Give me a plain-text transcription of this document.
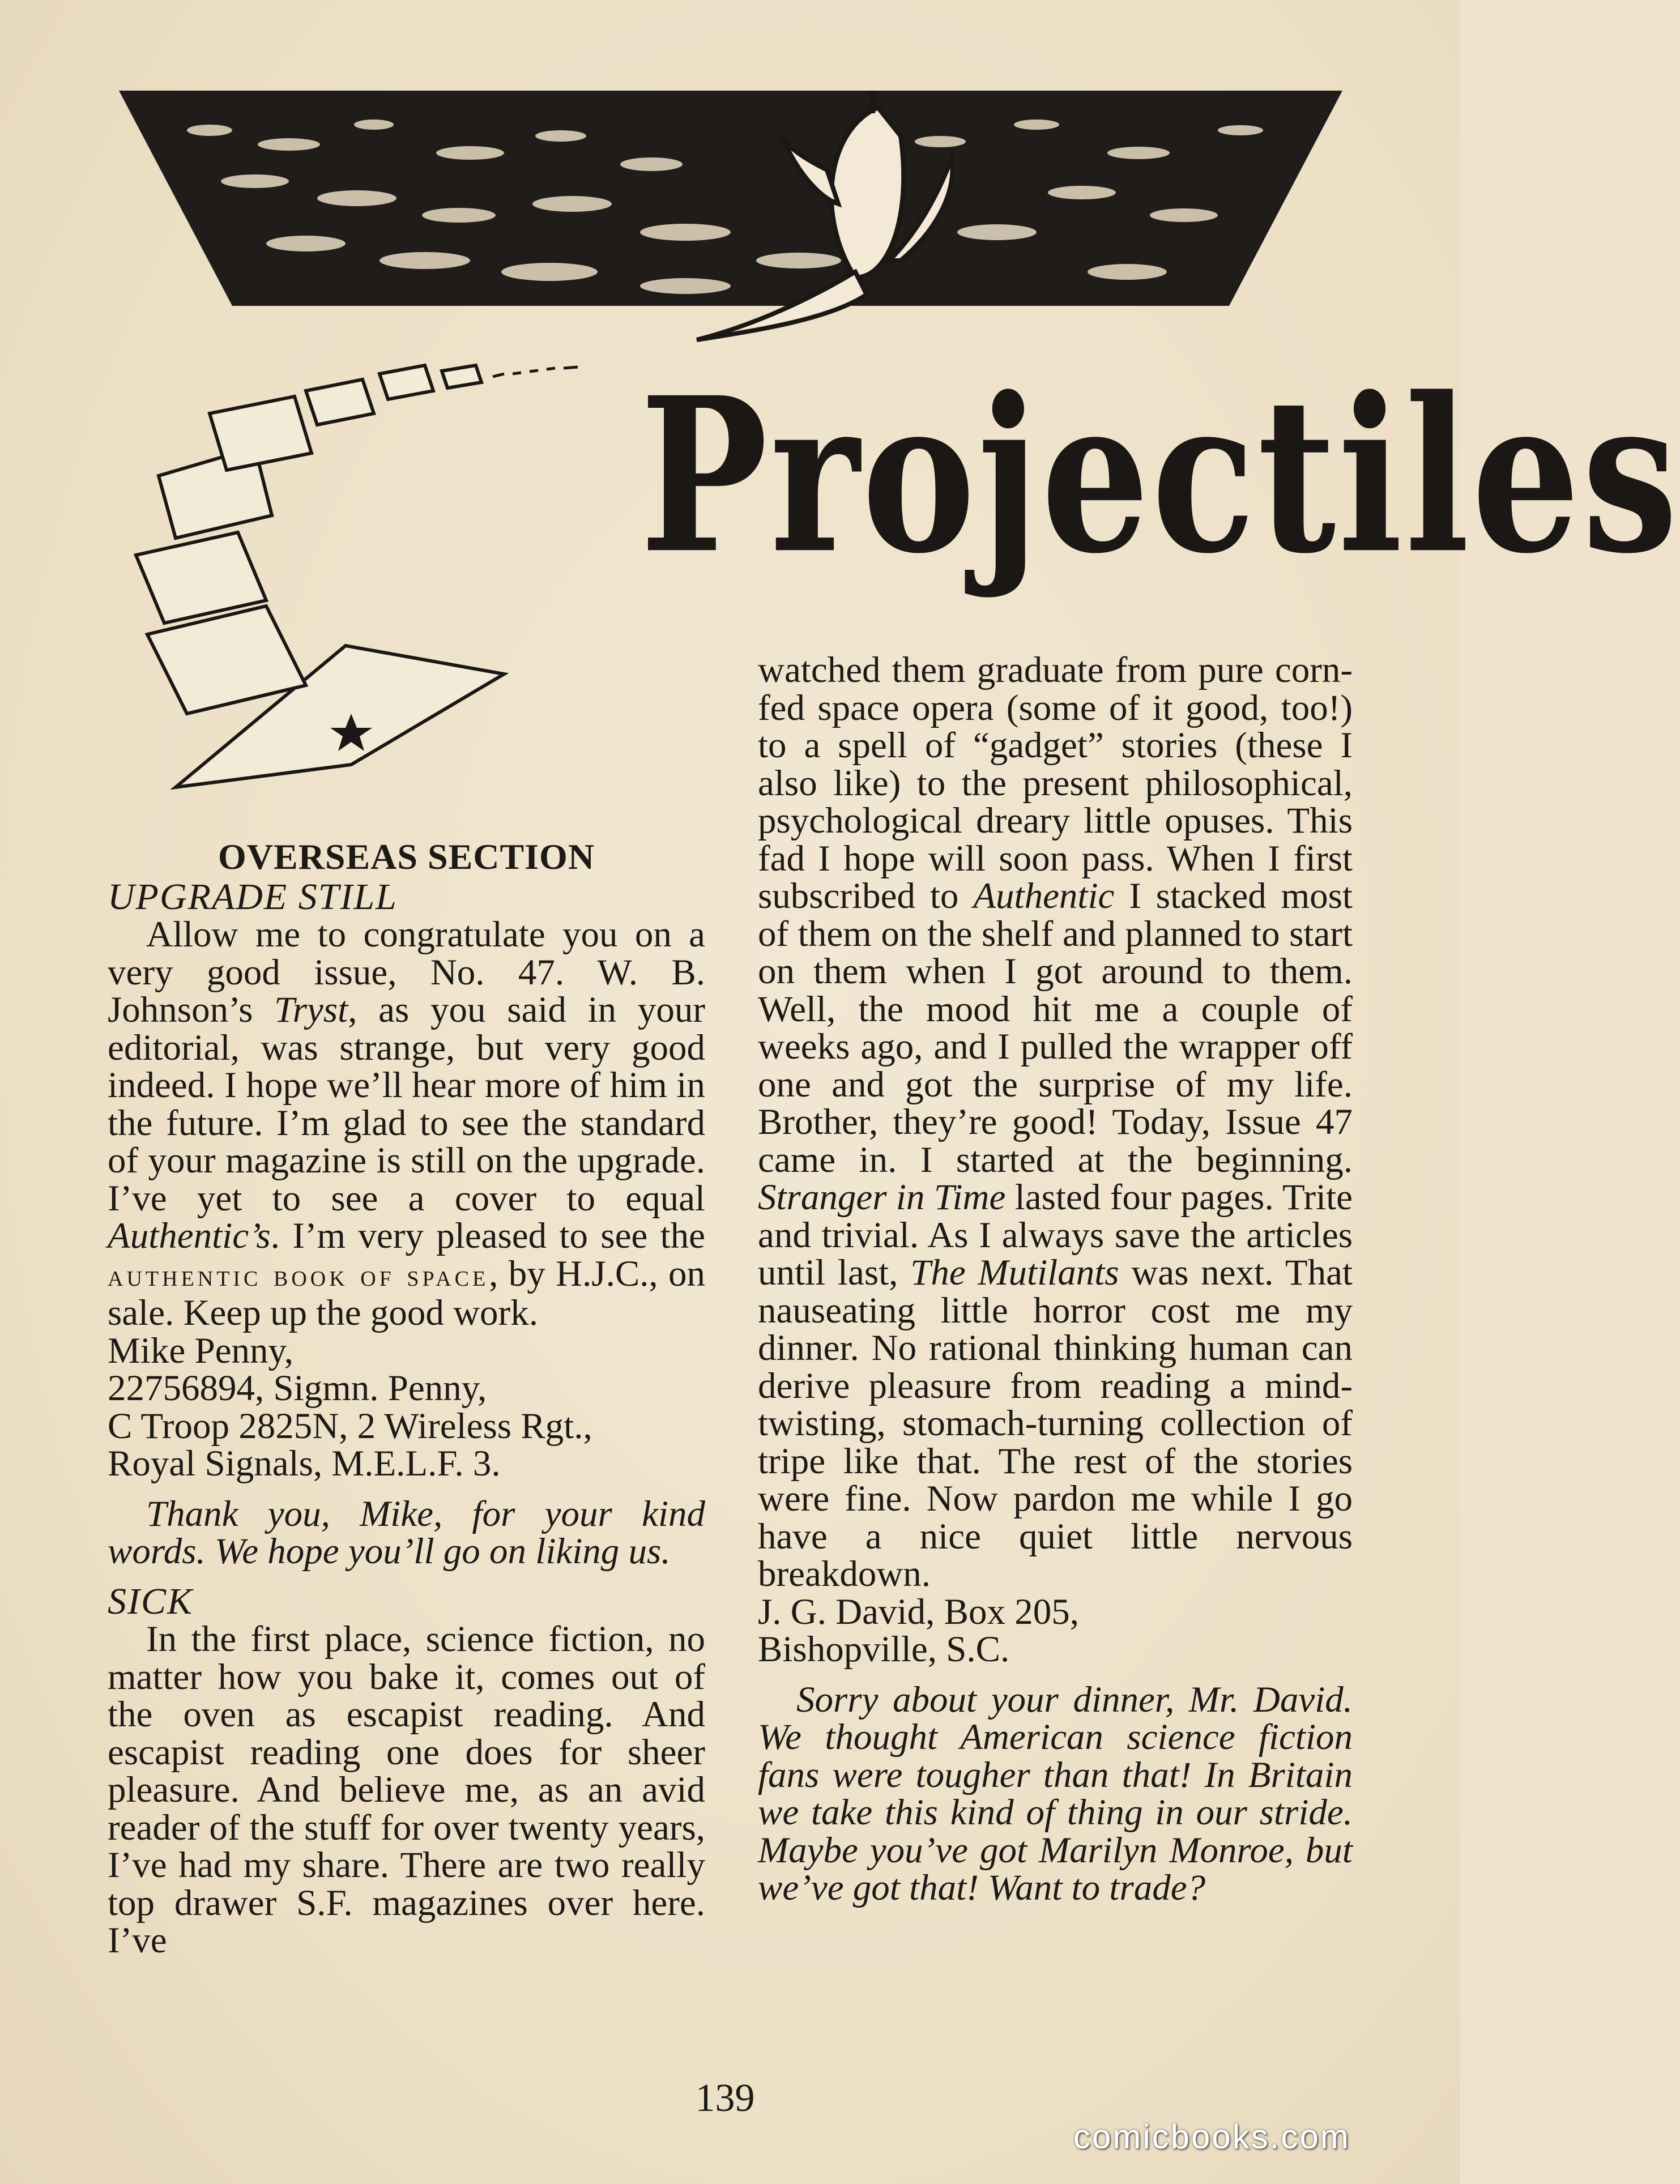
Projectiles

OVERSEAS SECTION

UPGRADE STILL

Allow me to congratulate you on a very good issue, No. 47. W. B. Johnson’s Tryst, as you said in your editorial, was strange, but very good indeed. I hope we’ll hear more of him in the future. I’m glad to see the standard of your magazine is still on the upgrade. I’ve yet to see a cover to equal Authentic’s. I’m very pleased to see the authentic book of space, by H.J.C., on sale. Keep up the good work.

Mike Penny,

22756894, Sigmn. Penny,

C Troop 2825N, 2 Wireless Rgt.,

Royal Signals, M.E.L.F. 3.

Thank you, Mike, for your kind words. We hope you’ll go on liking us.

SICK

In the first place, science fiction, no matter how you bake it, comes out of the oven as escapist reading. And escapist reading one does for sheer pleasure. And believe me, as an avid reader of the stuff for over twenty years, I’ve had my share. There are two really top drawer S.F. magazines over here. I’ve

watched them graduate from pure corn-fed space opera (some of it good, too!) to a spell of “gadget” stories (these I also like) to the present philosophical, psychological dreary little opuses. This fad I hope will soon pass. When I first subscribed to Authentic I stacked most of them on the shelf and planned to start on them when I got around to them. Well, the mood hit me a couple of weeks ago, and I pulled the wrapper off one and got the surprise of my life. Brother, they’re good! Today, Issue 47 came in. I started at the beginning. Stranger in Time lasted four pages. Trite and trivial. As I always save the articles until last, The Mutilants was next. That nauseating little horror cost me my dinner. No rational thinking human can derive pleasure from reading a mind-twisting, stomach-turning collection of tripe like that. The rest of the stories were fine. Now pardon me while I go have a nice quiet little nervous breakdown.

J. G. David, Box 205,

Bishopville, S.C.

Sorry about your dinner, Mr. David. We thought American science fiction fans were tougher than that! In Britain we take this kind of thing in our stride. Maybe you’ve got Marilyn Monroe, but we’ve got that! Want to trade?

139
comicbooks.com
